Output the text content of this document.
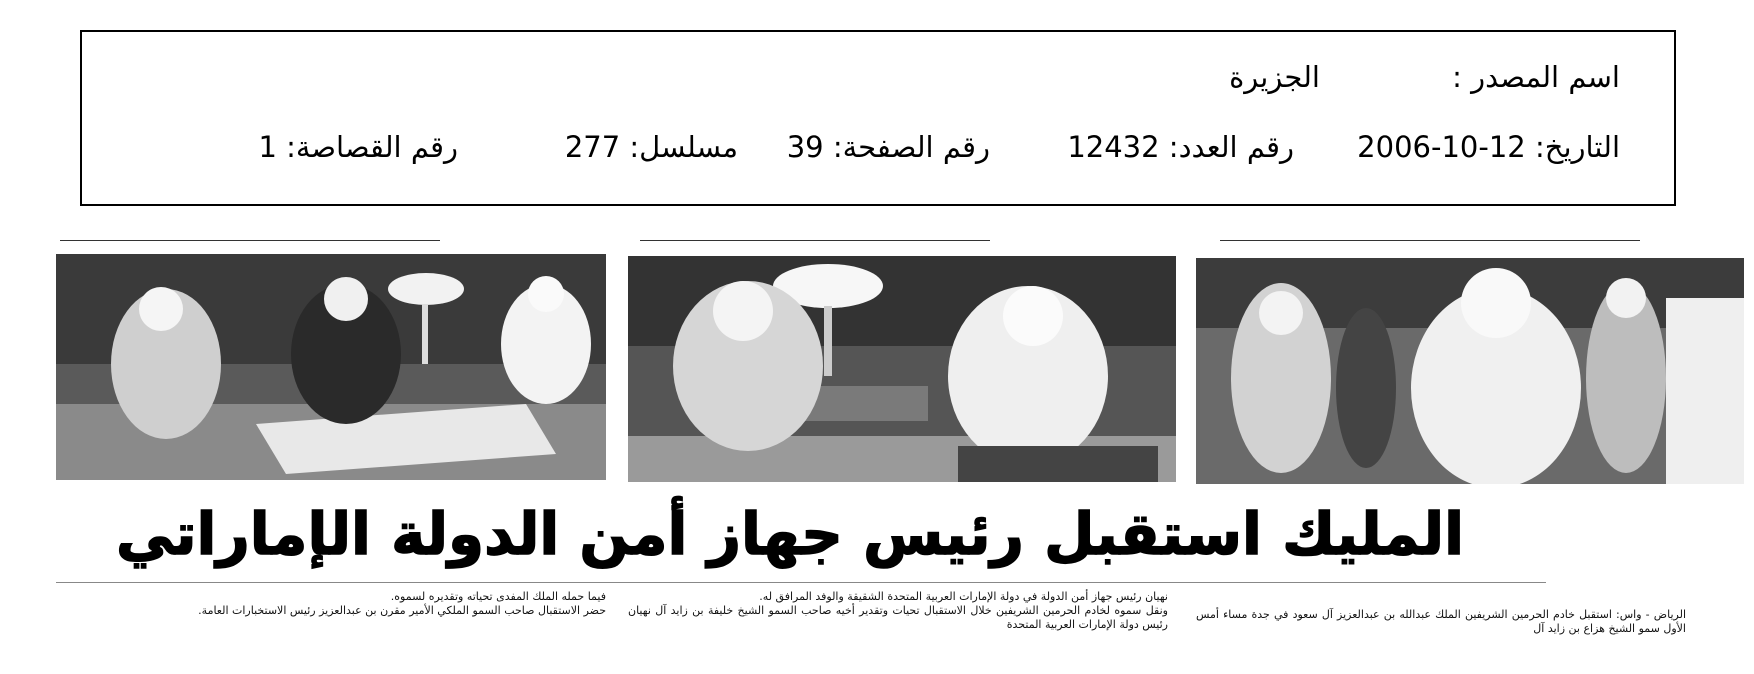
اسم المصدر :
الجزيرة
التاريخ: 12-10-2006
رقم العدد: 12432
رقم الصفحة: 39
مسلسل: 277
رقم القصاصة: 1
المليك استقبل رئيس جهاز أمن الدولة الإماراتي

الرياض - واس: استقبل خادم الحرمين الشريفين الملك عبدالله بن عبدالعزيز آل سعود في جدة مساء أمس الأول سمو الشيخ هزاع بن زايد آل

نهيان رئيس جهاز أمن الدولة في دولة الإمارات العربية المتحدة الشقيقة والوفد المرافق له.

ونقل سموه لخادم الحرمين الشريفين خلال الاستقبال تحيات وتقدير أخيه صاحب السمو الشيخ خليفة بن زايد آل نهيان رئيس دولة الإمارات العربية المتحدة

فيما حمله الملك المفدى تحياته وتقديره لسموه.

حضر الاستقبال صاحب السمو الملكي الأمير مقرن بن عبدالعزيز رئيس الاستخبارات العامة.
